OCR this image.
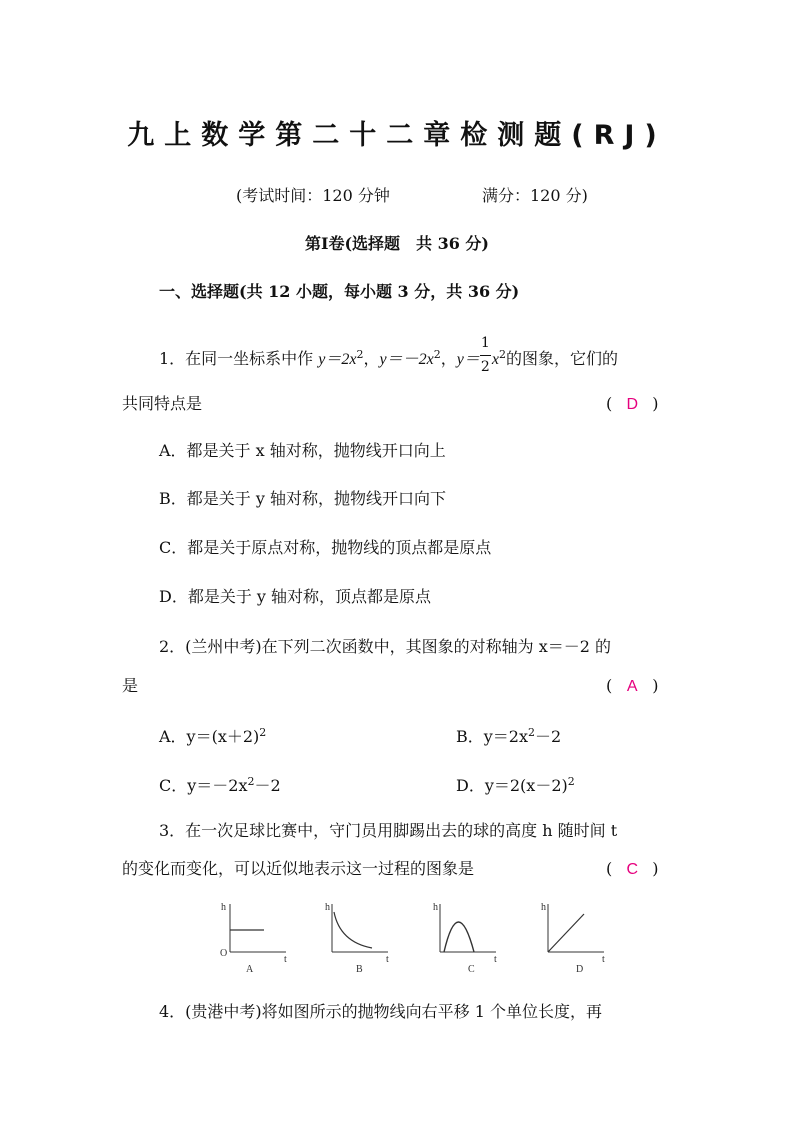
九上数学第二十二章检测题(RJ)
(考试时间：120 分钟	满分：120 分)
第Ⅰ卷(选择题　共 36 分)
一、选择题(共 12 小题，每小题 3 分，共 36 分)
1．在同一坐标系中作 $y=2x^2$，$y=-2x^2$，$y= \frac{1}{2} x^2$的图象，它们的
共同特点是	( D )
A．都是关于 x 轴对称，抛物线开口向上
B．都是关于 y 轴对称，抛物线开口向下
C．都是关于原点对称，抛物线的顶点都是原点
D．都是关于 y 轴对称，顶点都是原点
2．(兰州中考)在下列二次函数中，其图象的对称轴为 x＝－2 的
是	( A )
A．$y=(x+2)^2$	B．$y=2x^2-2$
C．$y=-2x^2-2$	D．$y=2(x-2)^2$
3．在一次足球比赛中，守门员用脚踢出去的球的高度 h 随时间 t
的变化而变化，可以近似地表示这一过程的图象是	( C )
h
O
t
A
h
t
B
h
t
C
h
t
D
4．(贵港中考)将如图所示的抛物线向右平移 1 个单位长度，再
